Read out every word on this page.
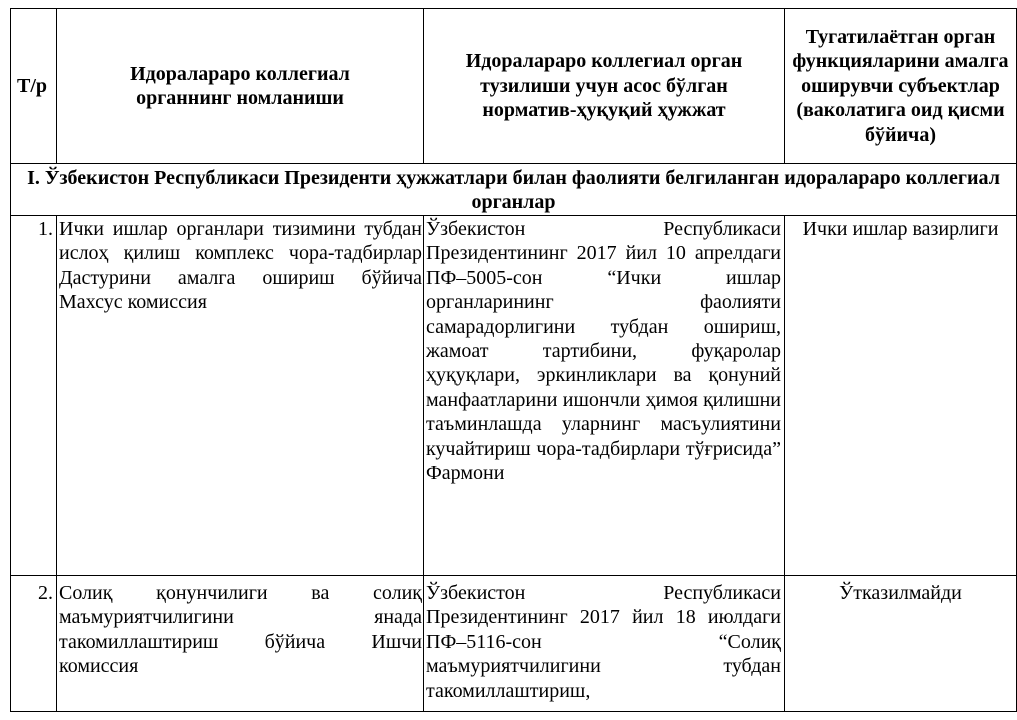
Т/р	Идоралараро коллегиал органнинг номланиши	Идоралараро коллегиал орган тузилиши учун асос бўлган норматив-ҳуқуқий ҳужжат	Тугатилаётган орган функцияларини амалга оширувчи субъектлар (ваколатига оид қисми бўйича)
I. Ўзбекистон Республикаси Президенти ҳужжатлари билан фаолияти белгиланган идоралараро коллегиал органлар			
1.	Ички ишлар органлари тизимини тубдан ислоҳ қилиш комплекс чора-тадбирлар Дастурини амалга ошириш бўйича Махсус комиссия	Ўзбекистон Республикаси Президентининг 2017 йил 10 апрелдаги ПФ–5005-сон “Ички ишлар органларининг фаолияти самарадорлигини тубдан ошириш, жамоат тартибини, фуқаролар ҳуқуқлари, эркинликлари ва қонуний манфаатларини ишончли ҳимоя қилишни таъминлашда уларнинг масъулиятини кучайтириш чора-тадбирлари тўғрисида” Фармони	Ички ишлар вазирлиги
2.	Солиқ қонунчилиги ва солиқ маъмуриятчилигини янада такомиллаштириш бўйича Ишчи комиссия	Ўзбекистон Республикаси Президентининг 2017 йил 18 июлдаги ПФ–5116-сон “Солиқ маъмуриятчилигини тубдан такомиллаштириш,	Ўтказилмайди
